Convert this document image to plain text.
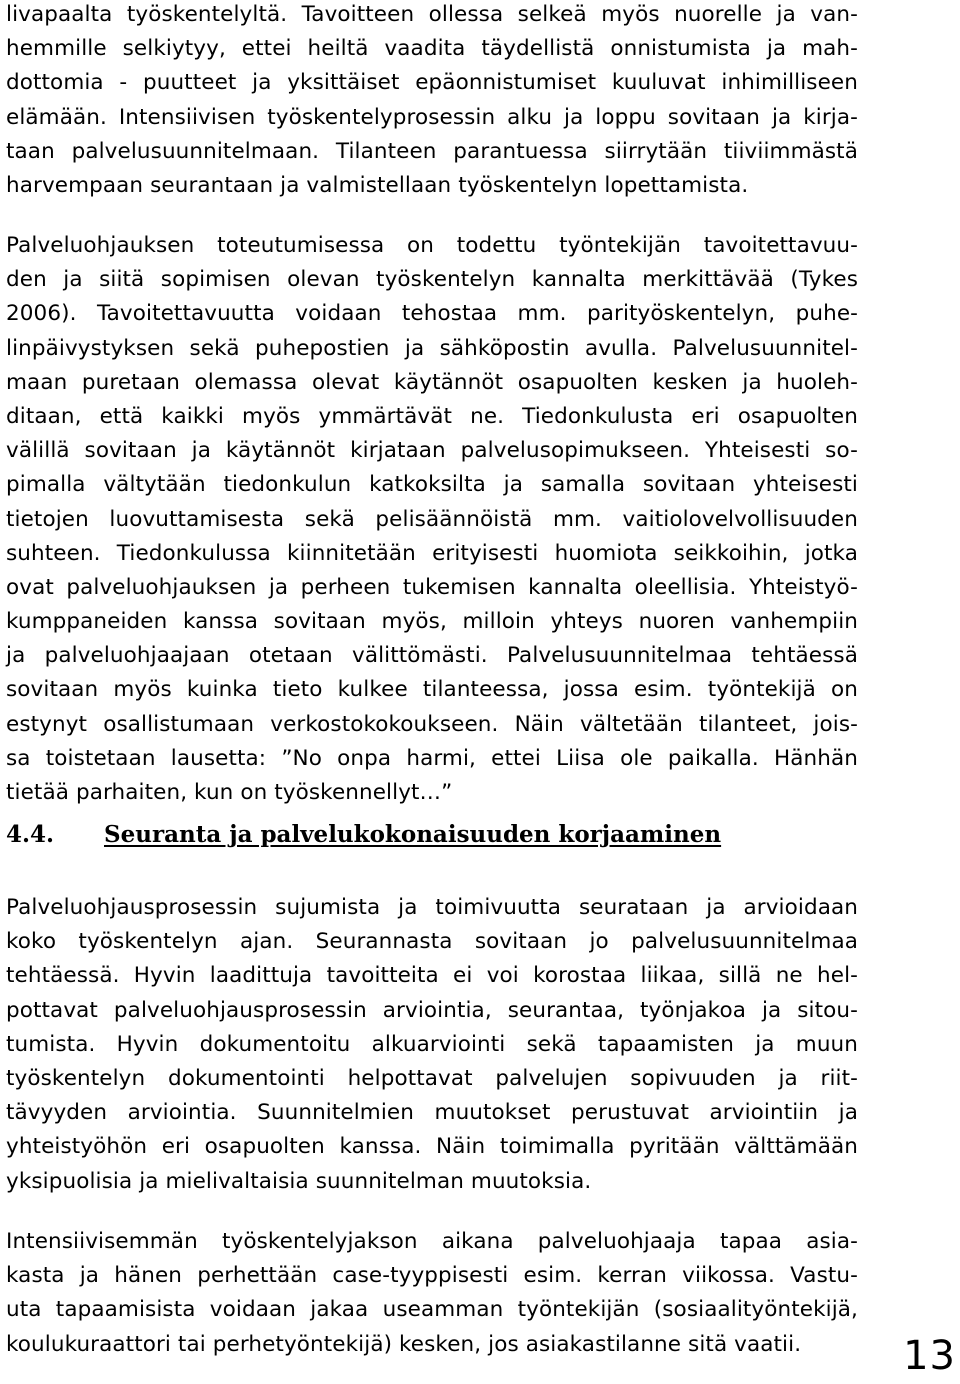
livapaalta työskentelyltä. Tavoitteen ollessa selkeä myös nuorelle ja van-
hemmille selkiytyy, ettei heiltä vaadita täydellistä onnistumista ja mah-
dottomia - puutteet ja yksittäiset epäonnistumiset kuuluvat inhimilliseen
elämään. Intensiivisen työskentelyprosessin alku ja loppu sovitaan ja kirja-
taan palvelusuunnitelmaan. Tilanteen parantuessa siirrytään tiiviimmästä
harvempaan seurantaan ja valmistellaan työskentelyn lopettamista.
Palveluohjauksen toteutumisessa on todettu työntekijän tavoitettavuu-
den ja siitä sopimisen olevan työskentelyn kannalta merkittävää (Tykes
2006). Tavoitettavuutta voidaan tehostaa mm. parityöskentelyn, puhe-
linpäivystyksen sekä puhepostien ja sähköpostin avulla. Palvelusuunnitel-
maan puretaan olemassa olevat käytännöt osapuolten kesken ja huoleh-
ditaan, että kaikki myös ymmärtävät ne. Tiedonkulusta eri osapuolten
välillä sovitaan ja käytännöt kirjataan palvelusopimukseen. Yhteisesti so-
pimalla vältytään tiedonkulun katkoksilta ja samalla sovitaan yhteisesti
tietojen luovuttamisesta sekä pelisäännöistä mm. vaitiolovelvollisuuden
suhteen. Tiedonkulussa kiinnitetään erityisesti huomiota seikkoihin, jotka
ovat palveluohjauksen ja perheen tukemisen kannalta oleellisia. Yhteistyö-
kumppaneiden kanssa sovitaan myös, milloin yhteys nuoren vanhempiin
ja palveluohjaajaan otetaan välittömästi. Palvelusuunnitelmaa tehtäessä
sovitaan myös kuinka tieto kulkee tilanteessa, jossa esim. työntekijä on
estynyt osallistumaan verkostokokoukseen. Näin vältetään tilanteet, jois-
sa toistetaan lausetta: ”No onpa harmi, ettei Liisa ole paikalla. Hänhän
tietää parhaiten, kun on työskennellyt…”
4.4. Seuranta ja palvelukokonaisuuden korjaaminen
Palveluohjausprosessin sujumista ja toimivuutta seurataan ja arvioidaan
koko työskentelyn ajan. Seurannasta sovitaan jo palvelusuunnitelmaa
tehtäessä. Hyvin laadittuja tavoitteita ei voi korostaa liikaa, sillä ne hel-
pottavat palveluohjausprosessin arviointia, seurantaa, työnjakoa ja sitou-
tumista. Hyvin dokumentoitu alkuarviointi sekä tapaamisten ja muun
työskentelyn dokumentointi helpottavat palvelujen sopivuuden ja riit-
tävyyden arviointia. Suunnitelmien muutokset perustuvat arviointiin ja
yhteistyöhön eri osapuolten kanssa. Näin toimimalla pyritään välttämään
yksipuolisia ja mielivaltaisia suunnitelman muutoksia.
Intensiivisemmän työskentelyjakson aikana palveluohjaaja tapaa asia-
kasta ja hänen perhettään case-tyyppisesti esim. kerran viikossa. Vastu-
uta tapaamisista voidaan jakaa useamman työntekijän (sosiaalityöntekijä,
koulukuraattori tai perhetyöntekijä) kesken, jos asiakastilanne sitä vaatii.	13
